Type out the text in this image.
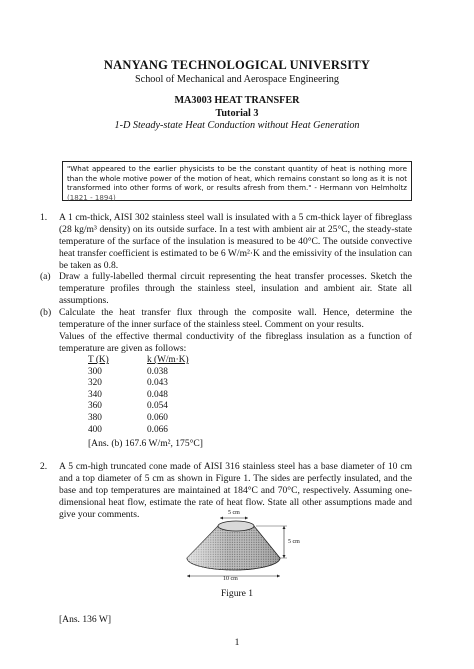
NANYANG TECHNOLOGICAL UNIVERSITY
School of Mechanical and Aerospace Engineering
MA3003 HEAT TRANSFER
Tutorial 3
1-D Steady-state Heat Conduction without Heat Generation
"What appeared to the earlier physicists to be the constant quantity of heat is nothing more than the whole motive power of the motion of heat, which remains constant so long as it is not transformed into other forms of work, or results afresh from them." - Hermann von Helmholtz (1821 - 1894)
1. A 1 cm-thick, AISI 302 stainless steel wall is insulated with a 5 cm-thick layer of fibreglass (28 kg/m³ density) on its outside surface. In a test with ambient air at 25°C, the steady-state temperature of the surface of the insulation is measured to be 40°C. The outside convective heat transfer coefficient is estimated to be 6 W/m²·K and the emissivity of the insulation can be taken as 0.8.
(a) Draw a fully-labelled thermal circuit representing the heat transfer processes. Sketch the temperature profiles through the stainless steel, insulation and ambient air. State all assumptions.
(b) Calculate the heat transfer flux through the composite wall. Hence, determine the temperature of the inner surface of the stainless steel. Comment on your results.
Values of the effective thermal conductivity of the fibreglass insulation as a function of temperature are given as follows:
T (K)	k (W/m·K)
300	0.038
320	0.043
340	0.048
360	0.054
380	0.060
400	0.066
[Ans. (b) 167.6 W/m², 175°C]
2. A 5 cm-high truncated cone made of AISI 316 stainless steel has a base diameter of 10 cm and a top diameter of 5 cm as shown in Figure 1. The sides are perfectly insulated, and the base and top temperatures are maintained at 184°C and 70°C, respectively. Assuming one-dimensional heat flow, estimate the rate of heat flow. State all other assumptions made and give your comments.	5 cm
5 cm
10 cm
Figure 1
[Ans. 136 W]
1
